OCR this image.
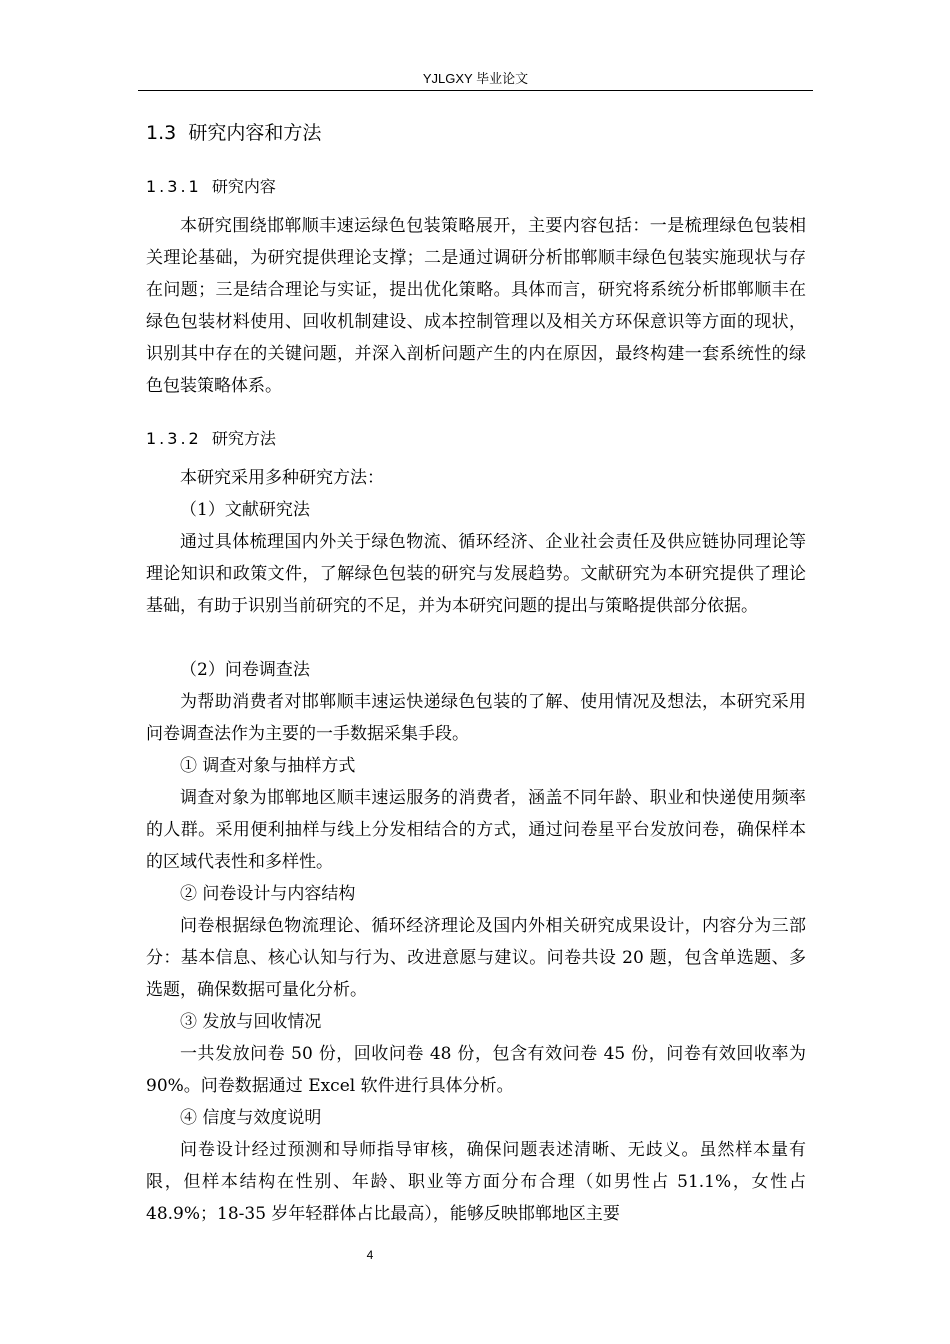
YJLGXY 毕业论文
1.3 研究内容和方法
1.3.1 研究内容

本研究围绕邯郸顺丰速运绿色包装策略展开，主要内容包括：一是梳理绿色包装相关理论基础，为研究提供理论支撑；二是通过调研分析邯郸顺丰绿色包装实施现状与存在问题；三是结合理论与实证，提出优化策略。具体而言，研究将系统分析邯郸顺丰在绿色包装材料使用、回收机制建设、成本控制管理以及相关方环保意识等方面的现状，识别其中存在的关键问题，并深入剖析问题产生的内在原因，最终构建一套系统性的绿色包装策略体系。

1.3.2 研究方法
本研究采用多种研究方法：
（1）文献研究法

通过具体梳理国内外关于绿色物流、循环经济、企业社会责任及供应链协同理论等理论知识和政策文件，了解绿色包装的研究与发展趋势。文献研究为本研究提供了理论基础，有助于识别当前研究的不足，并为本研究问题的提出与策略提供部分依据。

（2）问卷调查法

为帮助消费者对邯郸顺丰速运快递绿色包装的了解、使用情况及想法，本研究采用问卷调查法作为主要的一手数据采集手段。

① 调查对象与抽样方式

调查对象为邯郸地区顺丰速运服务的消费者，涵盖不同年龄、职业和快递使用频率的人群。采用便利抽样与线上分发相结合的方式，通过问卷星平台发放问卷，确保样本的区域代表性和多样性。

② 问卷设计与内容结构

问卷根据绿色物流理论、循环经济理论及国内外相关研究成果设计，内容分为三部分：基本信息、核心认知与行为、改进意愿与建议。问卷共设 20 题，包含单选题、多选题，确保数据可量化分析。

③ 发放与回收情况

一共发放问卷 50 份，回收问卷 48 份，包含有效问卷 45 份，问卷有效回收率为 90%。问卷数据通过 Excel 软件进行具体分析。

④ 信度与效度说明

问卷设计经过预测和导师指导审核，确保问题表述清晰、无歧义。虽然样本量有限，但样本结构在性别、年龄、职业等方面分布合理（如男性占 51.1%，女性占 48.9%；18-35 岁年轻群体占比最高），能够反映邯郸地区主要

4
